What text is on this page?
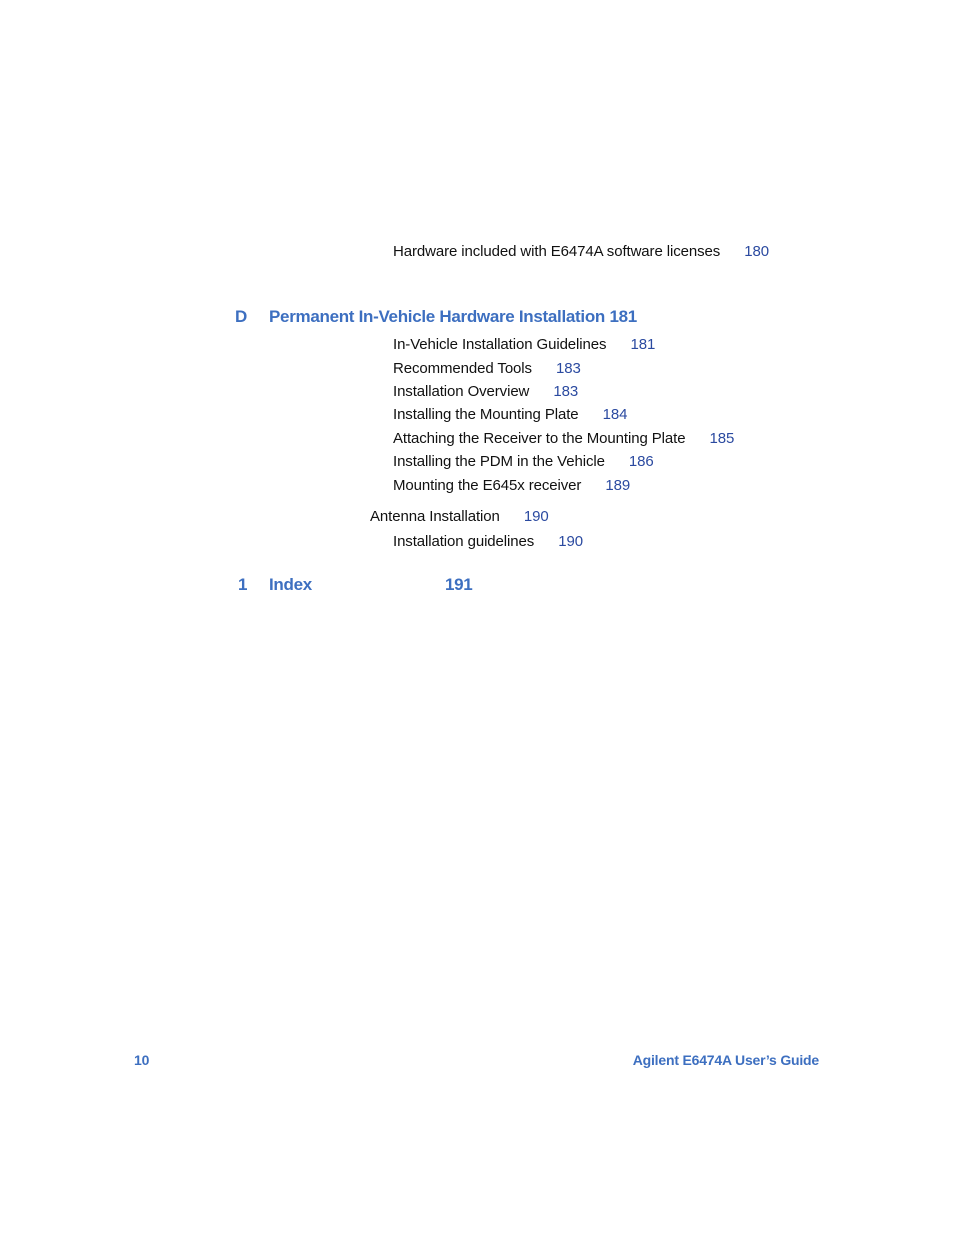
Hardware included with E6474A software licenses 180
D Permanent In-Vehicle Hardware Installation 181
In-Vehicle Installation Guidelines 181
Recommended Tools 183
Installation Overview 183
Installing the Mounting Plate 184
Attaching the Receiver to the Mounting Plate 185
Installing the PDM in the Vehicle 186
Mounting the E645x receiver 189
Antenna Installation 190
Installation guidelines 190
1 Index	191
10	Agilent E6474A User’s Guide
